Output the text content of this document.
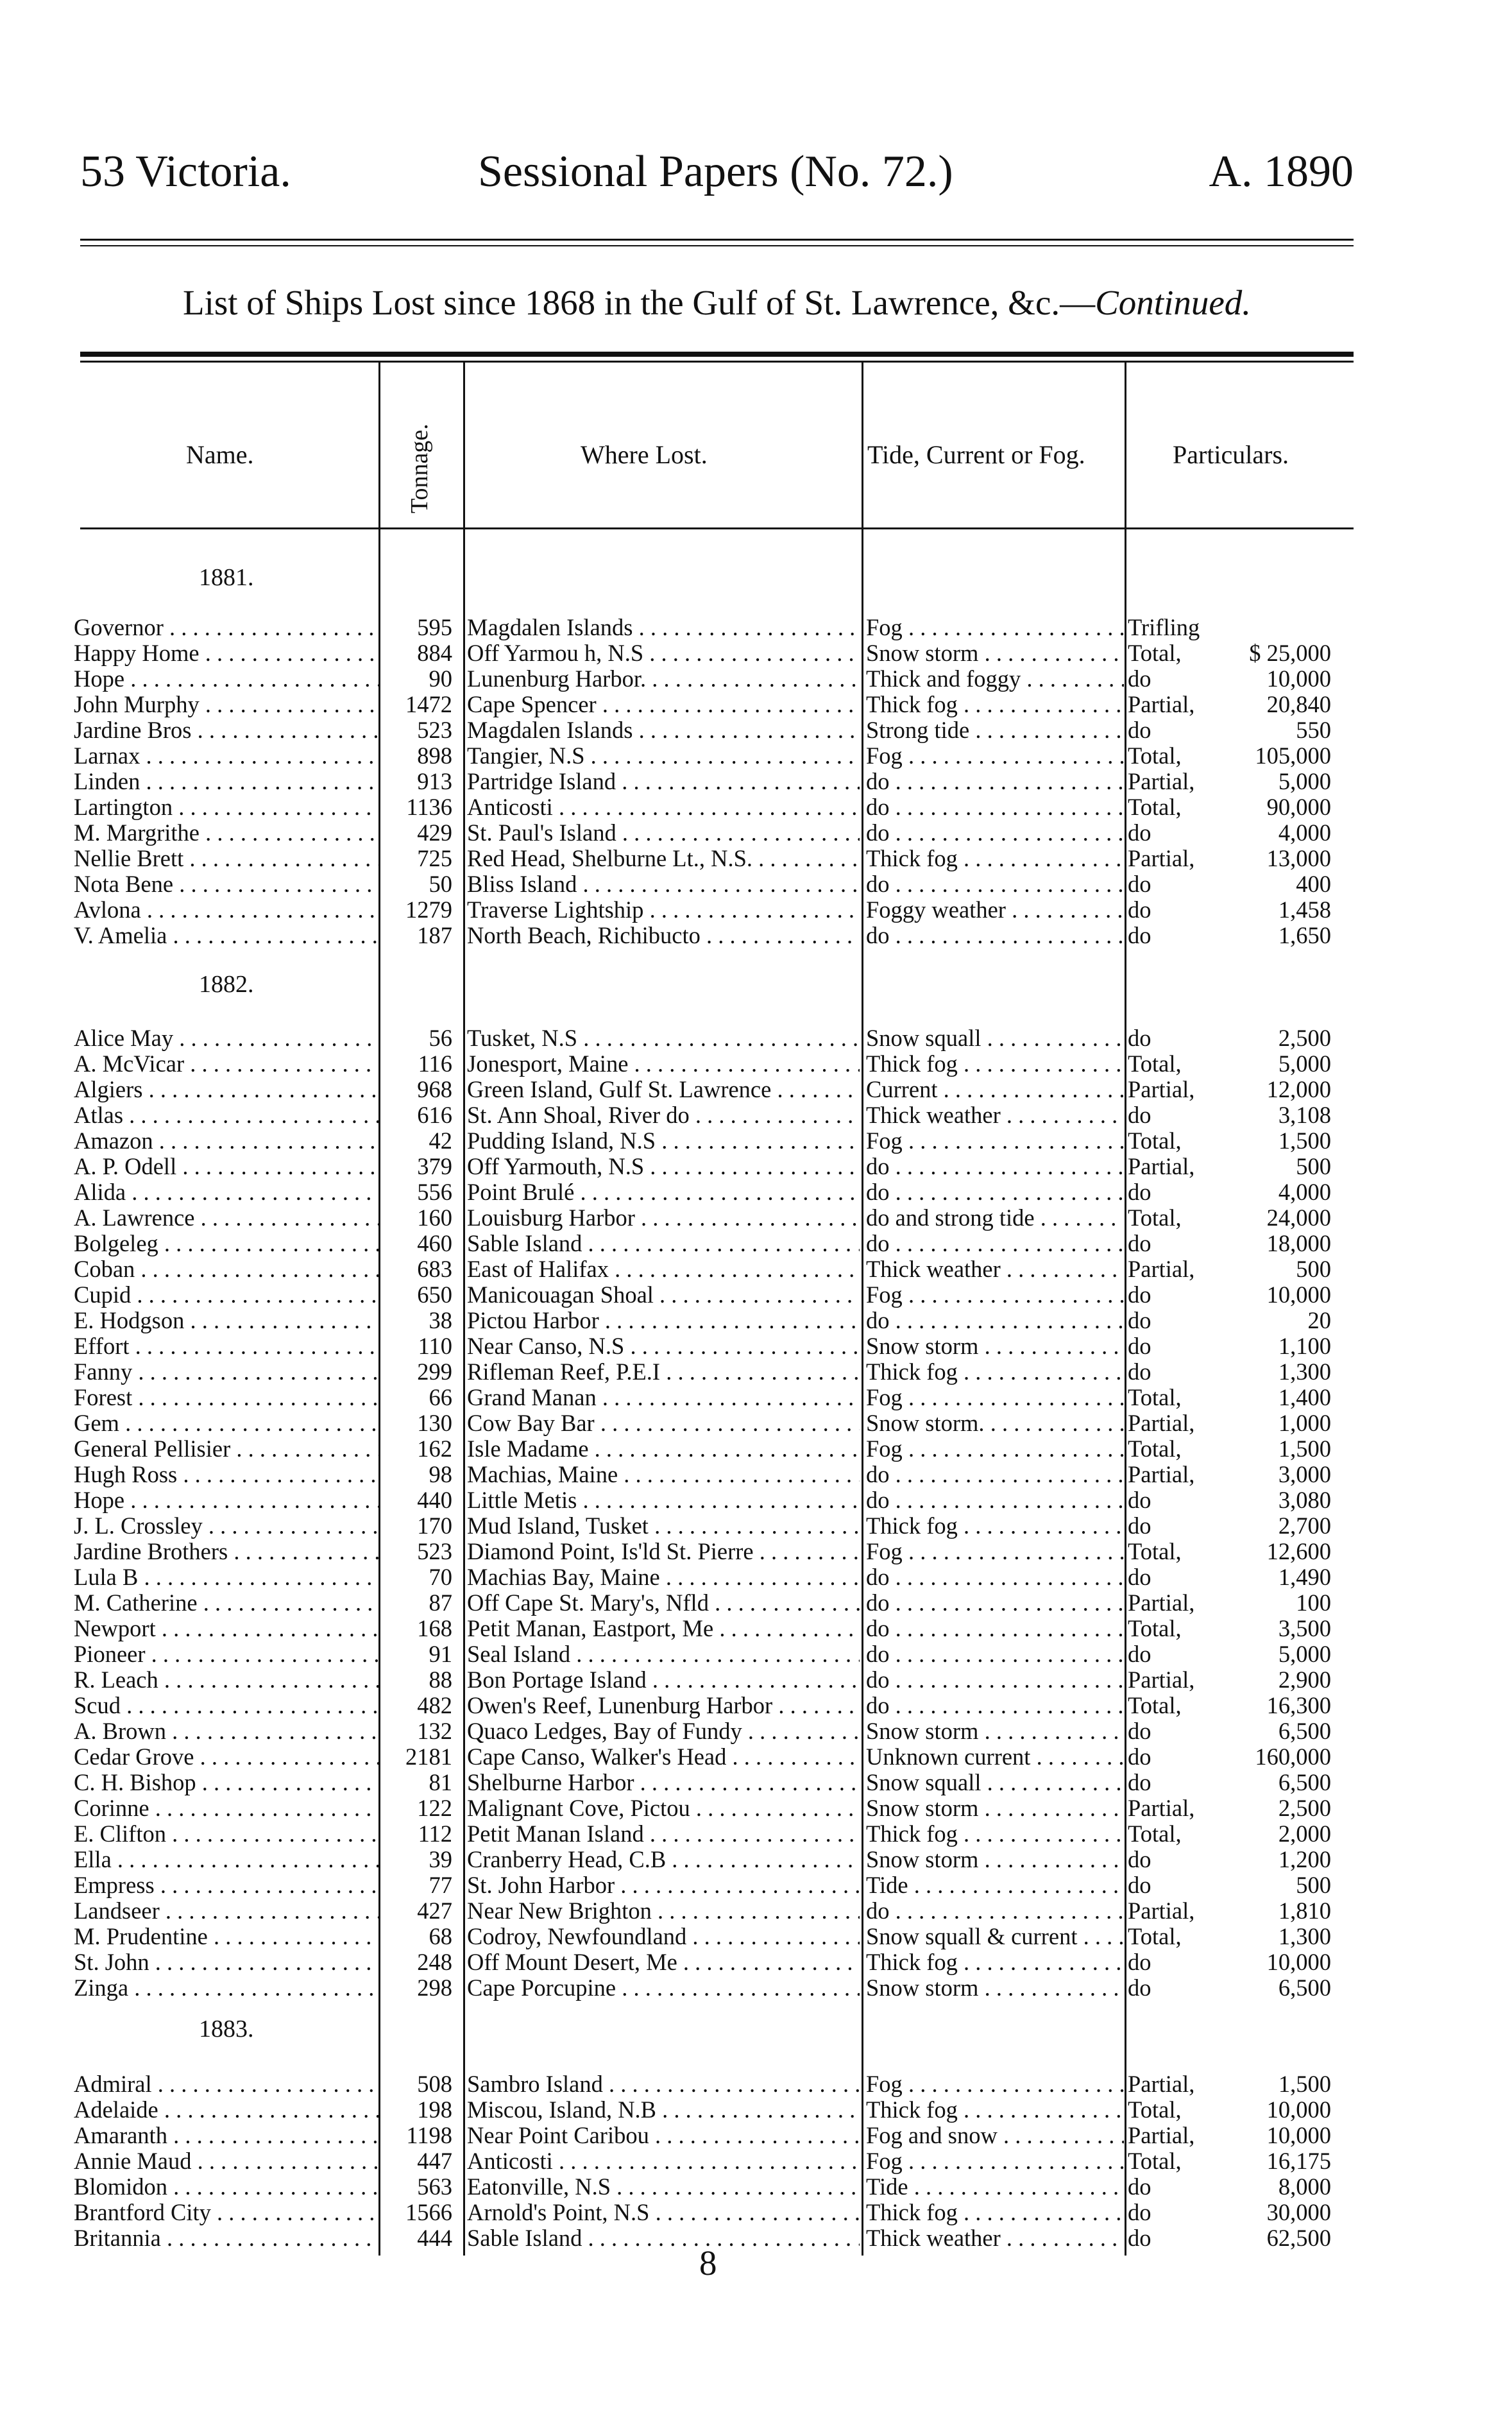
53 Victoria.	Sessional Papers (No. 72.)	A. 1890
List of Ships Lost since 1868 in the Gulf of St. Lawrence, &c.—Continued.
Name.	Tonnage.	Where Lost.	Tide, Current or Fog.	Particulars.
1881.
1882.
1883.
Governor . . .	595 Magdalen Islands . . .	Fog . . .	Trifling
Happy Home . . .	884 Off Yarmou h, N.S . . .	Snow storm . . .	Total,	$ 25,000
Hope . . .	90 Lunenburg Harbor. . . .	Thick and foggy . . .	do	10,000
John Murphy . . .	1472 Cape Spencer . . .	Thick fog . . .	Partial,	20,840
Jardine Bros . . .	523 Magdalen Islands . . .	Strong tide . . .	do	550
Larnax . . .	898 Tangier, N.S . . .	Fog . . .	Total,	105,000
Linden . . .	913 Partridge Island . . .	do . . .	Partial,	5,000
Lartington . . .	1136 Anticosti . . .	do . . .	Total,	90,000
M. Margrithe . . .	429 St. Paul's Island . . .	do . . .	do	4,000
Nellie Brett . . .	725 Red Head, Shelburne Lt., N.S. . . .	Thick fog . . .	Partial,	13,000
Nota Bene . . .	50 Bliss Island . . .	do . . .	do	400
Avlona . . .	1279 Traverse Lightship . . .	Foggy weather . . .	do	1,458
V. Amelia . . .	187 North Beach, Richibucto . . .	do . . .	do	1,650
Alice May . . .	56 Tusket, N.S . . .	Snow squall . . .	do	2,500
A. McVicar . . .	116 Jonesport, Maine . . .	Thick fog . . .	Total,	5,000
Algiers . . .	968 Green Island, Gulf St. Lawrence . . .	Current . . .	Partial,	12,000
Atlas . . .	616 St. Ann Shoal, River do . . .	Thick weather . . .	do	3,108
Amazon . . .	42 Pudding Island, N.S . . .	Fog . . .	Total,	1,500
A. P. Odell . . .	379 Off Yarmouth, N.S . . .	do . . .	Partial,	500
Alida . . .	556 Point Brulé . . .	do . . .	do	4,000
A. Lawrence . . .	160 Louisburg Harbor . . .	do and strong tide . . .	Total,	24,000
Bolgeleg . . .	460 Sable Island . . .	do . . .	do	18,000
Coban . . .	683 East of Halifax . . .	Thick weather . . .	Partial,	500
Cupid . . .	650 Manicouagan Shoal . . .	Fog . . .	do	10,000
E. Hodgson . . .	38 Pictou Harbor . . .	do . . .	do	20
Effort . . .	110 Near Canso, N.S . . .	Snow storm . . .	do	1,100
Fanny . . .	299 Rifleman Reef, P.E.I . . .	Thick fog . . .	do	1,300
Forest . . .	66 Grand Manan . . .	Fog . . .	Total,	1,400
Gem . . .	130 Cow Bay Bar . . .	Snow storm. . . .	Partial,	1,000
General Pellisier . . .	162 Isle Madame . . .	Fog . . .	Total,	1,500
Hugh Ross . . .	98 Machias, Maine . . .	do . . .	Partial,	3,000
Hope . . .	440 Little Metis . . .	do . . .	do	3,080
J. L. Crossley . . .	170 Mud Island, Tusket . . .	Thick fog . . .	do	2,700
Jardine Brothers . . .	523 Diamond Point, Is'ld St. Pierre . . .	Fog . . .	Total,	12,600
Lula B . . .	70 Machias Bay, Maine . . .	do . . .	do	1,490
M. Catherine . . .	87 Off Cape St. Mary's, Nfld . . .	do . . .	Partial,	100
Newport . . .	168 Petit Manan, Eastport, Me . . .	do . . .	Total,	3,500
Pioneer . . .	91 Seal Island . . .	do . . .	do	5,000
R. Leach . . .	88 Bon Portage Island . . .	do . . .	Partial,	2,900
Scud . . .	482 Owen's Reef, Lunenburg Harbor . . .	do . . .	Total,	16,300
A. Brown . . .	132 Quaco Ledges, Bay of Fundy . . .	Snow storm . . .	do	6,500
Cedar Grove . . .	2181 Cape Canso, Walker's Head . . .	Unknown current . . .	do	160,000
C. H. Bishop . . .	81 Shelburne Harbor . . .	Snow squall . . .	do	6,500
Corinne . . .	122 Malignant Cove, Pictou . . .	Snow storm . . .	Partial,	2,500
E. Clifton . . .	112 Petit Manan Island . . .	Thick fog . . .	Total,	2,000
Ella . . .	39 Cranberry Head, C.B . . .	Snow storm . . .	do	1,200
Empress . . .	77 St. John Harbor . . .	Tide . . .	do	500
Landseer . . .	427 Near New Brighton . . .	do . . .	Partial,	1,810
M. Prudentine . . .	68 Codroy, Newfoundland . . .	Snow squall & current . . .	Total,	1,300
St. John . . .	248 Off Mount Desert, Me . . .	Thick fog . . .	do	10,000
Zinga . . .	298 Cape Porcupine . . .	Snow storm . . .	do	6,500
Admiral . . .	508 Sambro Island . . .	Fog . . .	Partial,	1,500
Adelaide . . .	198 Miscou, Island, N.B . . .	Thick fog . . .	Total,	10,000
Amaranth . . .	1198 Near Point Caribou . . .	Fog and snow . . .	Partial,	10,000
Annie Maud . . .	447 Anticosti . . .	Fog . . .	Total,	16,175
Blomidon . . .	563 Eatonville, N.S . . .	Tide . . .	do	8,000
Brantford City . . .	1566 Arnold's Point, N.S . . .	Thick fog . . .	do	30,000
Britannia . . .	444 Sable Island . . .	Thick weather . . .	do	62,500
8
